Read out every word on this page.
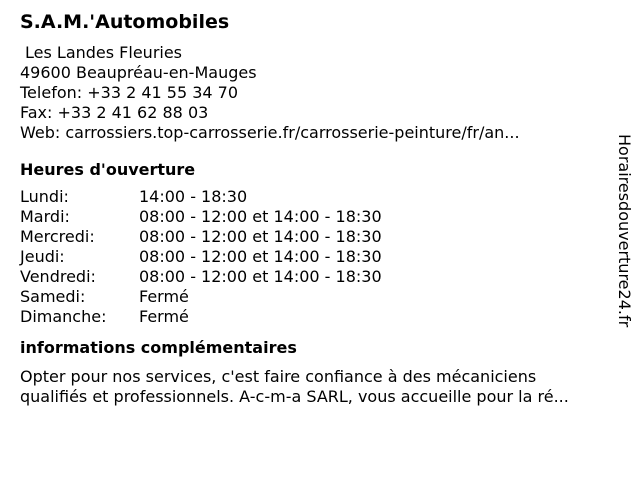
S.A.M.'Automobiles
Les Landes Fleuries
49600 Beaupréau-en-Mauges
Telefon: +33 2 41 55 34 70
Fax: +33 2 41 62 88 03
Web: carrossiers.top-carrosserie.fr/carrosserie-peinture/fr/an...
Heures d'ouverture
Lundi:	14:00 - 18:30
Mardi:	08:00 - 12:00 et 14:00 - 18:30
Mercredi:	08:00 - 12:00 et 14:00 - 18:30
Jeudi:	08:00 - 12:00 et 14:00 - 18:30
Vendredi:	08:00 - 12:00 et 14:00 - 18:30
Samedi:	Fermé
Dimanche: Fermé
informations complémentaires
Opter pour nos services, c'est faire confiance à des mécaniciens
qualifiés et professionnels. A-c-m-a SARL, vous accueille pour la ré...
Horairesdouverture24.fr
